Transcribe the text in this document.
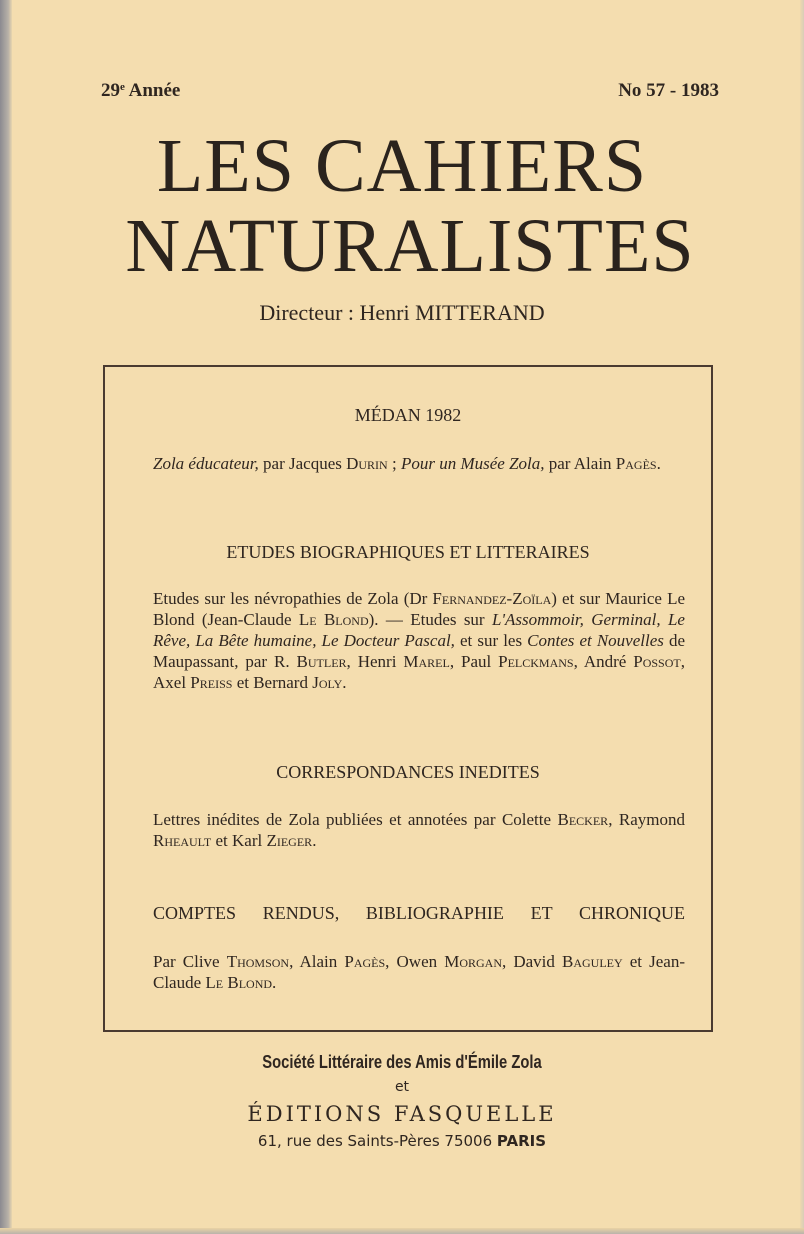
29e Année	No 57 - 1983
LES CAHIERS
NATURALISTES
Directeur : Henri MITTERAND
MÉDAN 1982
Zola éducateur, par Jacques Durin ; Pour un Musée Zola, par Alain Pagès.
ETUDES BIOGRAPHIQUES ET LITTERAIRES
Etudes sur les névropathies de Zola (Dr Fernandez-Zoïla) et sur Maurice Le Blond (Jean-Claude Le Blond). — Etudes sur L'Assommoir, Germinal, Le Rêve, La Bête humaine, Le Docteur Pascal, et sur les Contes et Nouvelles de Maupassant, par R. Butler, Henri Marel, Paul Pelckmans, André Possot, Axel Preiss et Bernard Joly.
CORRESPONDANCES INEDITES
Lettres inédites de Zola publiées et annotées par Colette Becker, Raymond Rheault et Karl Zieger.
COMPTES RENDUS, BIBLIOGRAPHIE ET CHRONIQUE
Par Clive Thomson, Alain Pagès, Owen Morgan, David Baguley et Jean-Claude Le Blond.
Société Littéraire des Amis d'Émile Zola
et
ÉDITIONS FASQUELLE
61, rue des Saints-Pères 75006 PARIS
